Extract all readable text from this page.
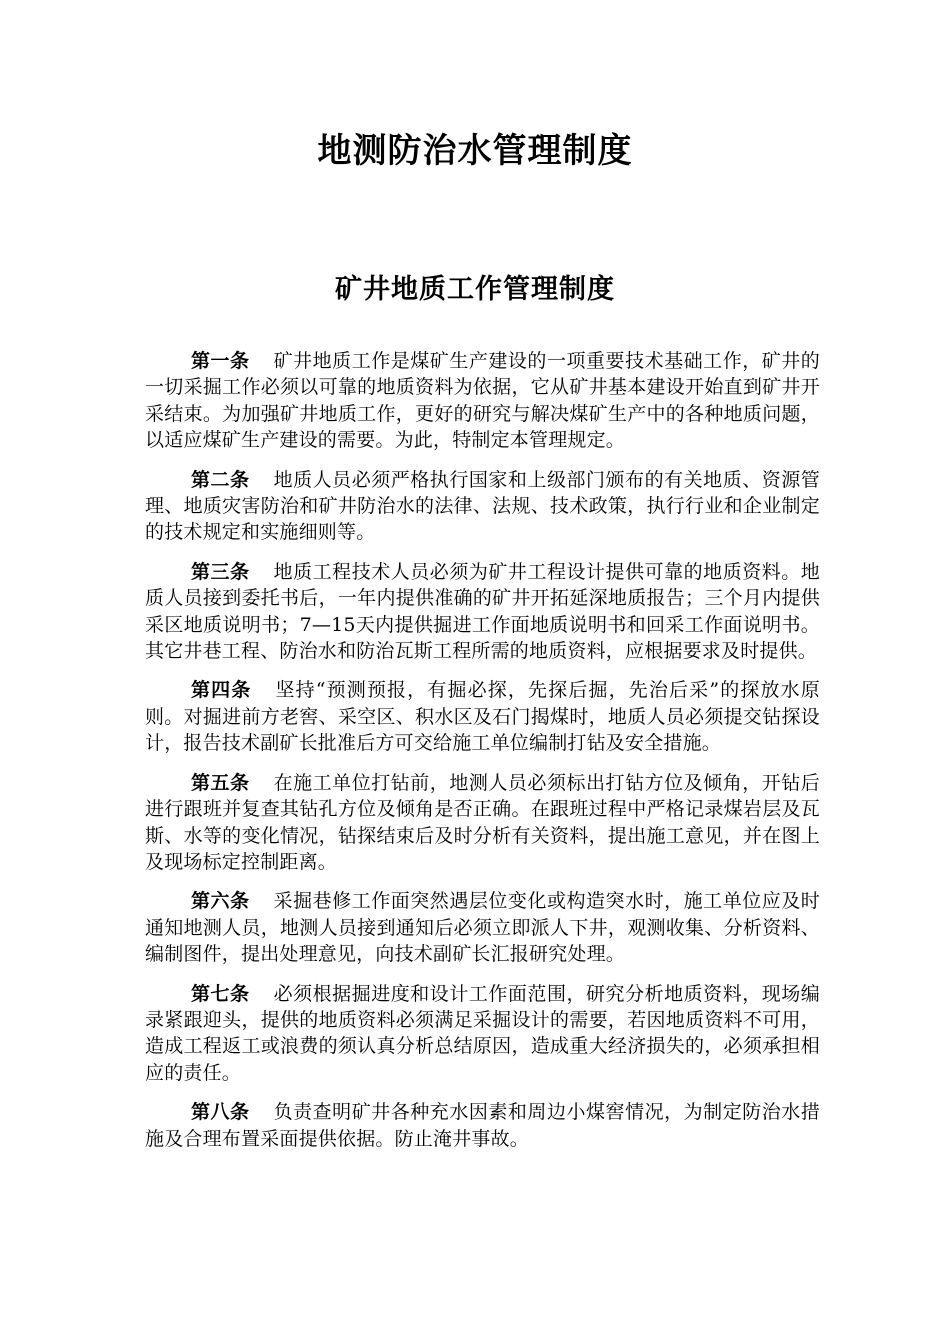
地测防治水管理制度
矿井地质工作管理制度

第一条 矿井地质工作是煤矿生产建设的一项重要技术基础工作，矿井的一切采掘工作必须以可靠的地质资料为依据，它从矿井基本建设开始直到矿井开采结束。为加强矿井地质工作，更好的研究与解决煤矿生产中的各种地质问题，以适应煤矿生产建设的需要。为此，特制定本管理规定。

第二条 地质人员必须严格执行国家和上级部门颁布的有关地质、资源管理、地质灾害防治和矿井防治水的法律、法规、技术政策，执行行业和企业制定的技术规定和实施细则等。

第三条 地质工程技术人员必须为矿井工程设计提供可靠的地质资料。地质人员接到委托书后，一年内提供准确的矿井开拓延深地质报告；三个月内提供采区地质说明书；7—15天内提供掘进工作面地质说明书和回采工作面说明书。其它井巷工程、防治水和防治瓦斯工程所需的地质资料，应根据要求及时提供。

第四条 坚持“预测预报，有掘必探，先探后掘，先治后采”的探放水原则。对掘进前方老窖、采空区、积水区及石门揭煤时，地质人员必须提交钻探设计，报告技术副矿长批准后方可交给施工单位编制打钻及安全措施。

第五条 在施工单位打钻前，地测人员必须标出打钻方位及倾角，开钻后进行跟班并复查其钻孔方位及倾角是否正确。在跟班过程中严格记录煤岩层及瓦斯、水等的变化情况，钻探结束后及时分析有关资料，提出施工意见，并在图上及现场标定控制距离。

第六条 采掘巷修工作面突然遇层位变化或构造突水时，施工单位应及时通知地测人员，地测人员接到通知后必须立即派人下井，观测收集、分析资料、编制图件，提出处理意见，向技术副矿长汇报研究处理。

第七条 必须根据掘进度和设计工作面范围，研究分析地质资料，现场编录紧跟迎头，提供的地质资料必须满足采掘设计的需要，若因地质资料不可用，造成工程返工或浪费的须认真分析总结原因，造成重大经济损失的，必须承担相应的责任。

第八条 负责查明矿井各种充水因素和周边小煤窖情况，为制定防治水措施及合理布置采面提供依据。防止淹井事故。
